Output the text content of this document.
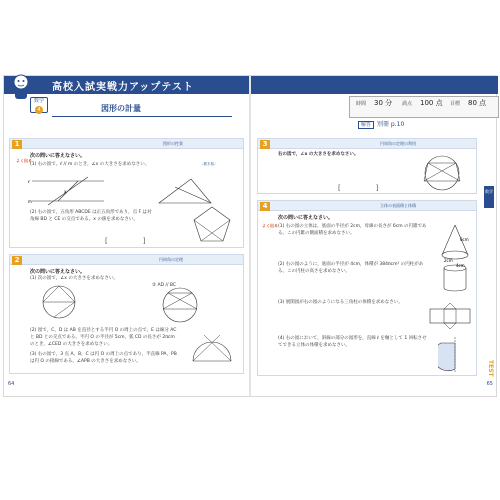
高校入試実戦力アップテスト
数学
4	図形の計量	時間 30 分 満点 100 点 目標 80 点
解答 別冊 p.10
1	図形の性質
次の問いに答えなさい。
よく出る
(1) 右の図で，ℓ // m のとき，∠x の大きさを求めなさい。	〈栃木県〉
ℓ
m
x
(2) 右の図で，五角形 ABCDE は正五角形であり，点 F は対角線 BD と CE の交点である。x の値を求めなさい。
[　　　　　]
2	円周角の定理
次の問いに答えなさい。
(1) 次の図で，∠x の大きさを求めなさい。
② AD // BC
(2) 図で，C，D は AB を直径とする半円 O の周上の点で，E は線分 AC と BD との交点である。半円 O の半径が 5cm，弧 CD の長さが 2πcm のとき，∠CED の大きさを求めなさい。
(3) 右の図で，3 点 A，B，C は円 O の周上の点であり，半直線 PA，PB は円 O の接線である。∠APB の大きさを求めなさい。
64
3	円周角の定理の利用
右の図で，∠x の大きさを求めなさい。
[　　　　　]
4	立体の表面積と体積
次の問いに答えなさい。
よく出る (1) 右の図の立体は，底面の半径が 2cm，母線の長さが 6cm の円錐である。この円錐の側面積を求めなさい。
6cm
2cm
(2) 右の図のように，底面の半径が 4cm，体積が 384πcm³ の円柱がある。この円柱の高さを求めなさい。
4cm
(3) 展開図が右の図のようになる三角柱の体積を求めなさい。
(4) 右の図において，斜線の部分の図形を，直線 ℓ を軸として 1 回転させてできる立体の体積を求めなさい。
65
数学
TEST
